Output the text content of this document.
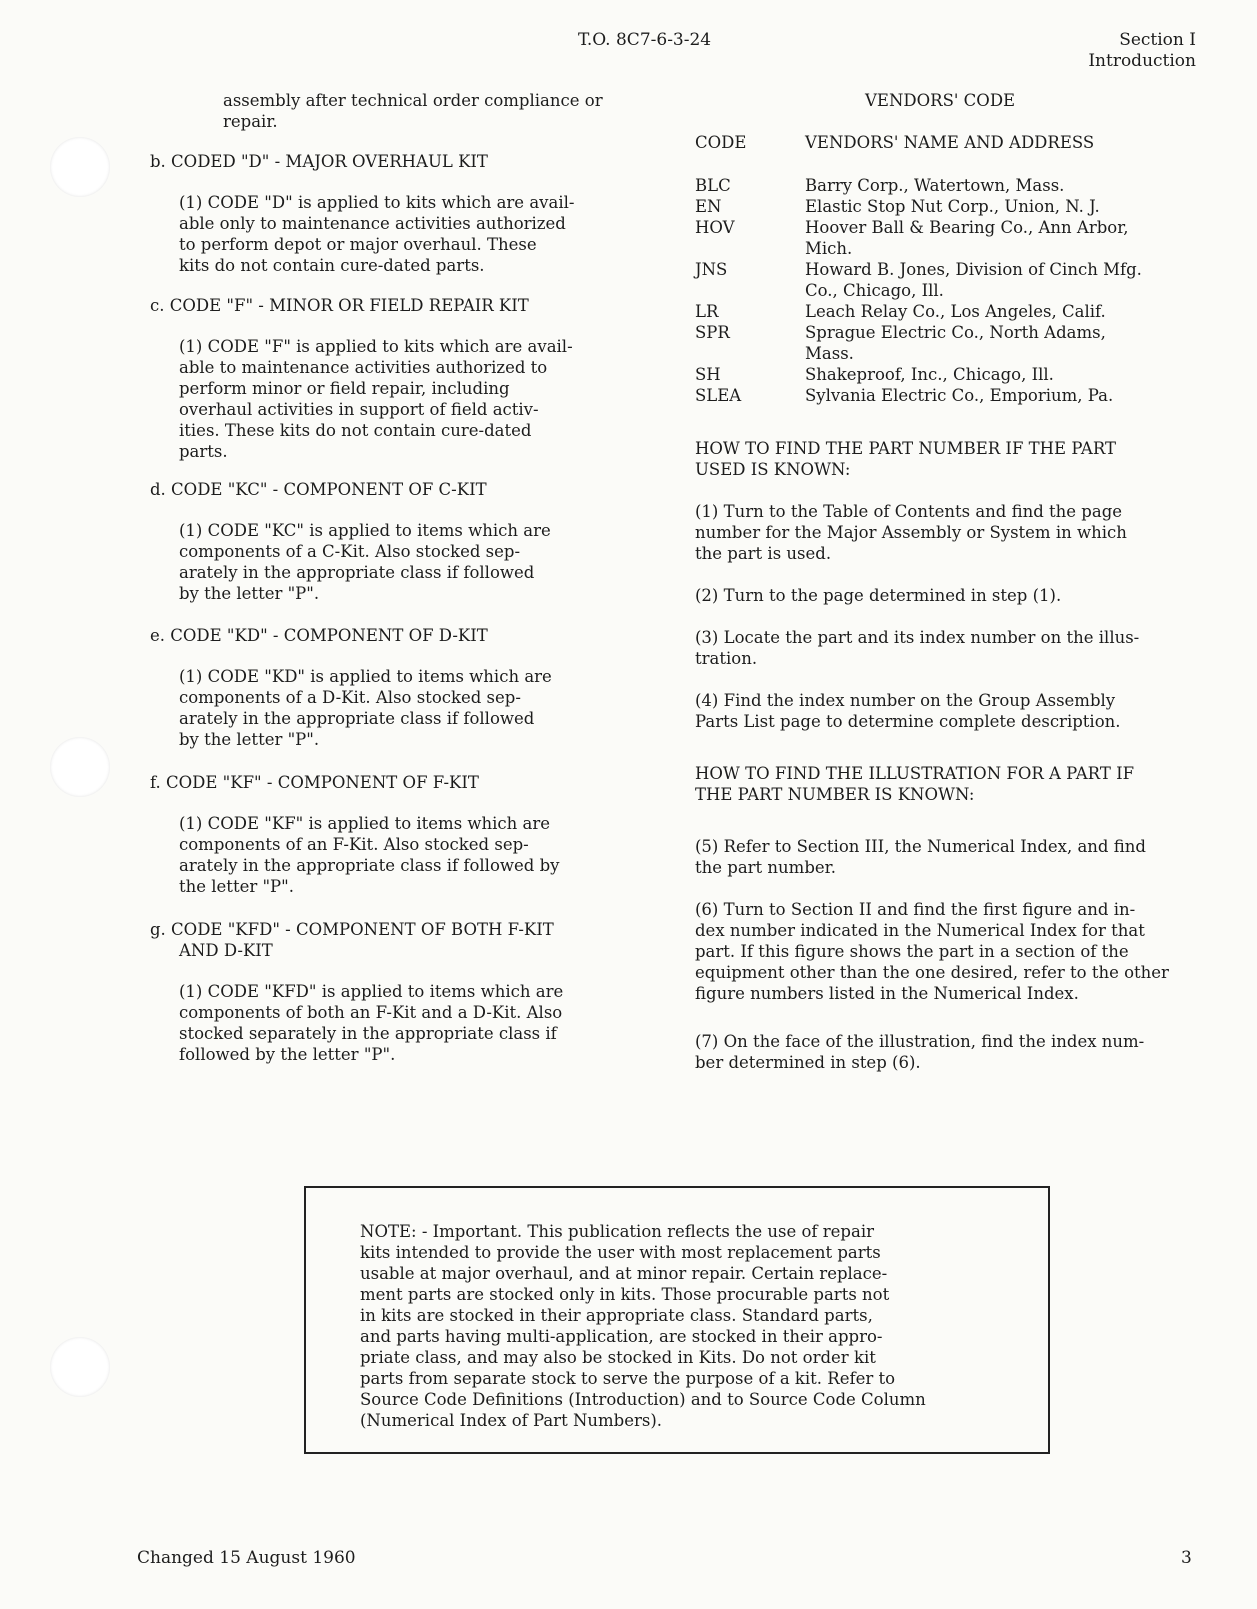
T.O. 8C7-6-3-24	Section I
Introduction
assembly after technical order compliance or
repair.
b. CODED "D" - MAJOR OVERHAUL KIT
(1) CODE "D" is applied to kits which are avail-
able only to maintenance activities authorized
to perform depot or major overhaul. These
kits do not contain cure-dated parts.
c. CODE "F" - MINOR OR FIELD REPAIR KIT
(1) CODE "F" is applied to kits which are avail-
able to maintenance activities authorized to
perform minor or field repair, including
overhaul activities in support of field activ-
ities. These kits do not contain cure-dated
parts.
d. CODE "KC" - COMPONENT OF C-KIT
(1) CODE "KC" is applied to items which are
components of a C-Kit. Also stocked sep-
arately in the appropriate class if followed
by the letter "P".
e. CODE "KD" - COMPONENT OF D-KIT
(1) CODE "KD" is applied to items which are
components of a D-Kit. Also stocked sep-
arately in the appropriate class if followed
by the letter "P".
f. CODE "KF" - COMPONENT OF F-KIT
(1) CODE "KF" is applied to items which are
components of an F-Kit. Also stocked sep-
arately in the appropriate class if followed by
the letter "P".
g. CODE "KFD" - COMPONENT OF BOTH F-KIT
AND D-KIT
(1) CODE "KFD" is applied to items which are
components of both an F-Kit and a D-Kit. Also
stocked separately in the appropriate class if
followed by the letter "P".
VENDORS' CODE
CODE	VENDORS' NAME AND ADDRESS
BLC	Barry Corp., Watertown, Mass.
EN	Elastic Stop Nut Corp., Union, N. J.
HOV	Hoover Ball & Bearing Co., Ann Arbor,
Mich.
JNS	Howard B. Jones, Division of Cinch Mfg.
Co., Chicago, Ill.
LR	Leach Relay Co., Los Angeles, Calif.
SPR	Sprague Electric Co., North Adams,
Mass.
SH	Shakeproof, Inc., Chicago, Ill.
SLEA	Sylvania Electric Co., Emporium, Pa.
HOW TO FIND THE PART NUMBER IF THE PART
USED IS KNOWN:
(1) Turn to the Table of Contents and find the page
number for the Major Assembly or System in which
the part is used.
(2) Turn to the page determined in step (1).
(3) Locate the part and its index number on the illus-
tration.
(4) Find the index number on the Group Assembly
Parts List page to determine complete description.
HOW TO FIND THE ILLUSTRATION FOR A PART IF
THE PART NUMBER IS KNOWN:
(5) Refer to Section III, the Numerical Index, and find
the part number.
(6) Turn to Section II and find the first figure and in-
dex number indicated in the Numerical Index for that
part. If this figure shows the part in a section of the
equipment other than the one desired, refer to the other
figure numbers listed in the Numerical Index.
(7) On the face of the illustration, find the index num-
ber determined in step (6).
NOTE: - Important. This publication reflects the use of repair
kits intended to provide the user with most replacement parts
usable at major overhaul, and at minor repair. Certain replace-
ment parts are stocked only in kits. Those procurable parts not
in kits are stocked in their appropriate class. Standard parts,
and parts having multi-application, are stocked in their appro-
priate class, and may also be stocked in Kits. Do not order kit
parts from separate stock to serve the purpose of a kit. Refer to
Source Code Definitions (Introduction) and to Source Code Column
(Numerical Index of Part Numbers).
Changed 15 August 1960	3
